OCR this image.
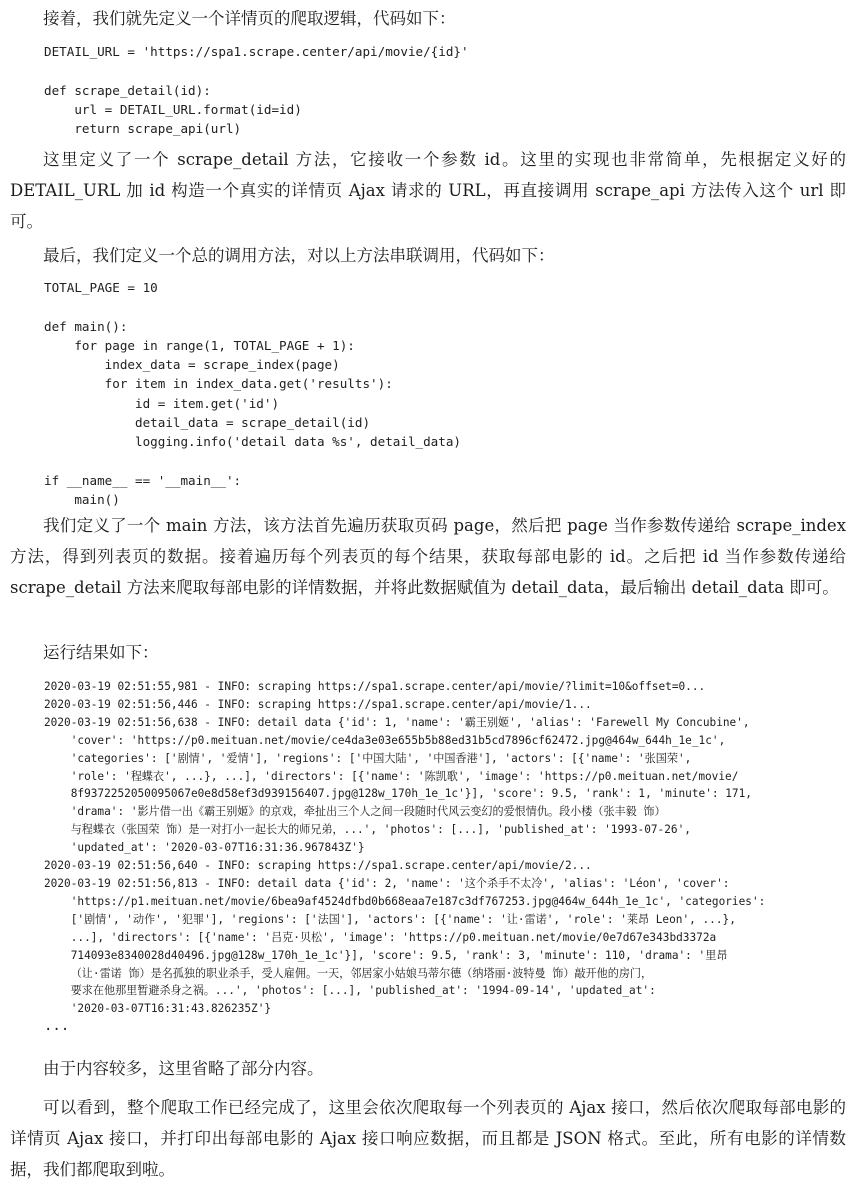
接着，我们就先定义一个详情页的爬取逻辑，代码如下：

DETAIL_URL = 'https://spa1.scrape.center/api/movie/{id}'

def scrape_detail(id):
url = DETAIL_URL.format(id=id)
return scrape_api(url)

这里定义了一个 scrape_detail 方法，它接收一个参数 id。这里的实现也非常简单，先根据定义好的 DETAIL_URL 加 id 构造一个真实的详情页 Ajax 请求的 URL，再直接调用 scrape_api 方法传入这个 url 即可。

最后，我们定义一个总的调用方法，对以上方法串联调用，代码如下：

TOTAL_PAGE = 10

def main():
for page in range(1, TOTAL_PAGE + 1):
index_data = scrape_index(page)
for item in index_data.get('results'):
id = item.get('id')
detail_data = scrape_detail(id)
logging.info('detail data %s', detail_data)

if __name__ == '__main__':
main()

我们定义了一个 main 方法，该方法首先遍历获取页码 page，然后把 page 当作参数传递给 scrape_index 方法，得到列表页的数据。接着遍历每个列表页的每个结果，获取每部电影的 id。之后把 id 当作参数传递给 scrape_detail 方法来爬取每部电影的详情数据，并将此数据赋值为 detail_data，最后输出 detail_data 即可。

运行结果如下：

2020-03-19 02:51:55,981 - INFO: scraping https://spa1.scrape.center/api/movie/?limit=10&offset=0...
2020-03-19 02:51:56,446 - INFO: scraping https://spa1.scrape.center/api/movie/1...
2020-03-19 02:51:56,638 - INFO: detail data {'id': 1, 'name': '霸王别姬', 'alias': 'Farewell My Concubine',
'cover': 'https://p0.meituan.net/movie/ce4da3e03e655b5b88ed31b5cd7896cf62472.jpg@464w_644h_1e_1c',
'categories': ['剧情', '爱情'], 'regions': ['中国大陆', '中国香港'], 'actors': [{'name': '张国荣',
'role': '程蝶衣', ...}, ...], 'directors': [{'name': '陈凯歌', 'image': 'https://p0.meituan.net/movie/
8f9372252050095067e0e8d58ef3d939156407.jpg@128w_170h_1e_1c'}], 'score': 9.5, 'rank': 1, 'minute': 171,
'drama': '影片借一出《霸王别姬》的京戏，牵扯出三个人之间一段随时代风云变幻的爱恨情仇。段小楼（张丰毅 饰）
与程蝶衣（张国荣 饰）是一对打小一起长大的师兄弟，...', 'photos': [...], 'published_at': '1993-07-26',
'updated_at': '2020-03-07T16:31:36.967843Z'}
2020-03-19 02:51:56,640 - INFO: scraping https://spa1.scrape.center/api/movie/2...
2020-03-19 02:51:56,813 - INFO: detail data {'id': 2, 'name': '这个杀手不太冷', 'alias': 'Léon', 'cover':
'https://p1.meituan.net/movie/6bea9af4524dfbd0b668eaa7e187c3df767253.jpg@464w_644h_1e_1c', 'categories':
['剧情', '动作', '犯罪'], 'regions': ['法国'], 'actors': [{'name': '让·雷诺', 'role': '莱昂 Leon', ...},
...], 'directors': [{'name': '吕克·贝松', 'image': 'https://p0.meituan.net/movie/0e7d67e343bd3372a
714093e8340028d40496.jpg@128w_170h_1e_1c'}], 'score': 9.5, 'rank': 3, 'minute': 110, 'drama': '里昂
（让·雷诺 饰）是名孤独的职业杀手，受人雇佣。一天，邻居家小姑娘马蒂尔德（纳塔丽·波特曼 饰）敲开他的房门，
要求在他那里暂避杀身之祸。...', 'photos': [...], 'published_at': '1994-09-14', 'updated_at':
'2020-03-07T16:31:43.826235Z'}
...

由于内容较多，这里省略了部分内容。

可以看到，整个爬取工作已经完成了，这里会依次爬取每一个列表页的 Ajax 接口，然后依次爬取每部电影的详情页 Ajax 接口，并打印出每部电影的 Ajax 接口响应数据，而且都是 JSON 格式。至此，所有电影的详情数据，我们都爬取到啦。
